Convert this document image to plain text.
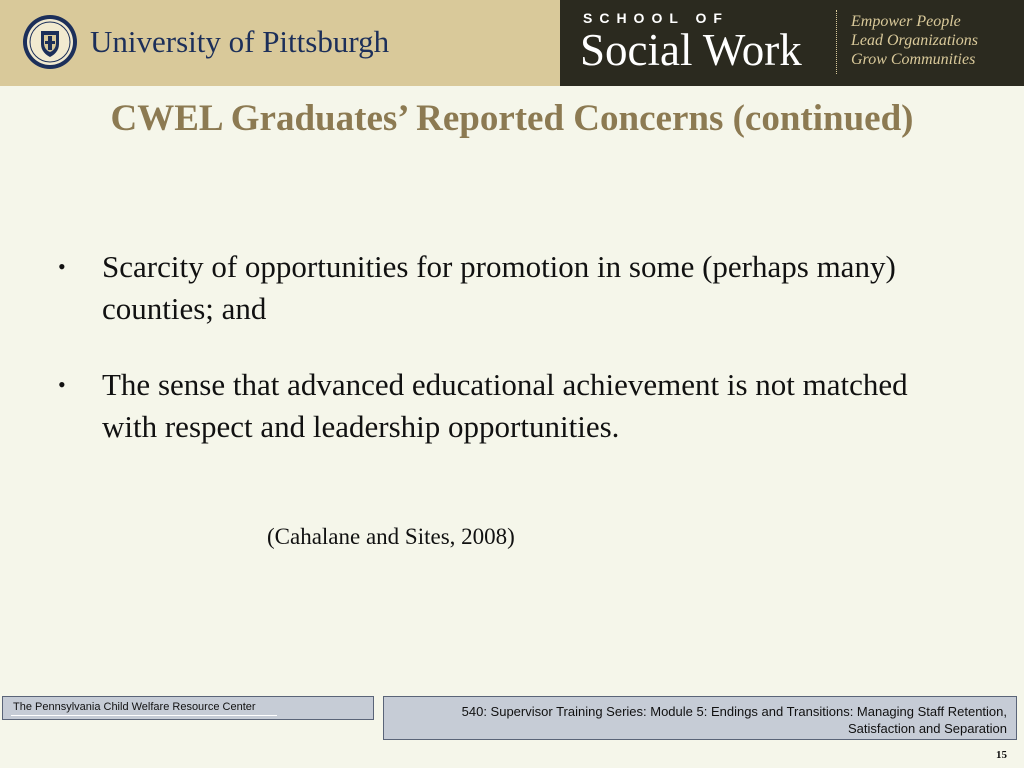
University of Pittsburgh
SCHOOL OF
Social Work
Empower People
Lead Organizations
Grow Communities
CWEL Graduates’ Reported Concerns (continued)
• Scarcity of opportunities for promotion in some (perhaps many) counties; and
• The sense that advanced educational achievement is not matched with respect and leadership opportunities.
(Cahalane and Sites, 2008)
The Pennsylvania Child Welfare Resource Center	540: Supervisor Training Series: Module 5: Endings and Transitions: Managing Staff Retention, Satisfaction and Separation
15
